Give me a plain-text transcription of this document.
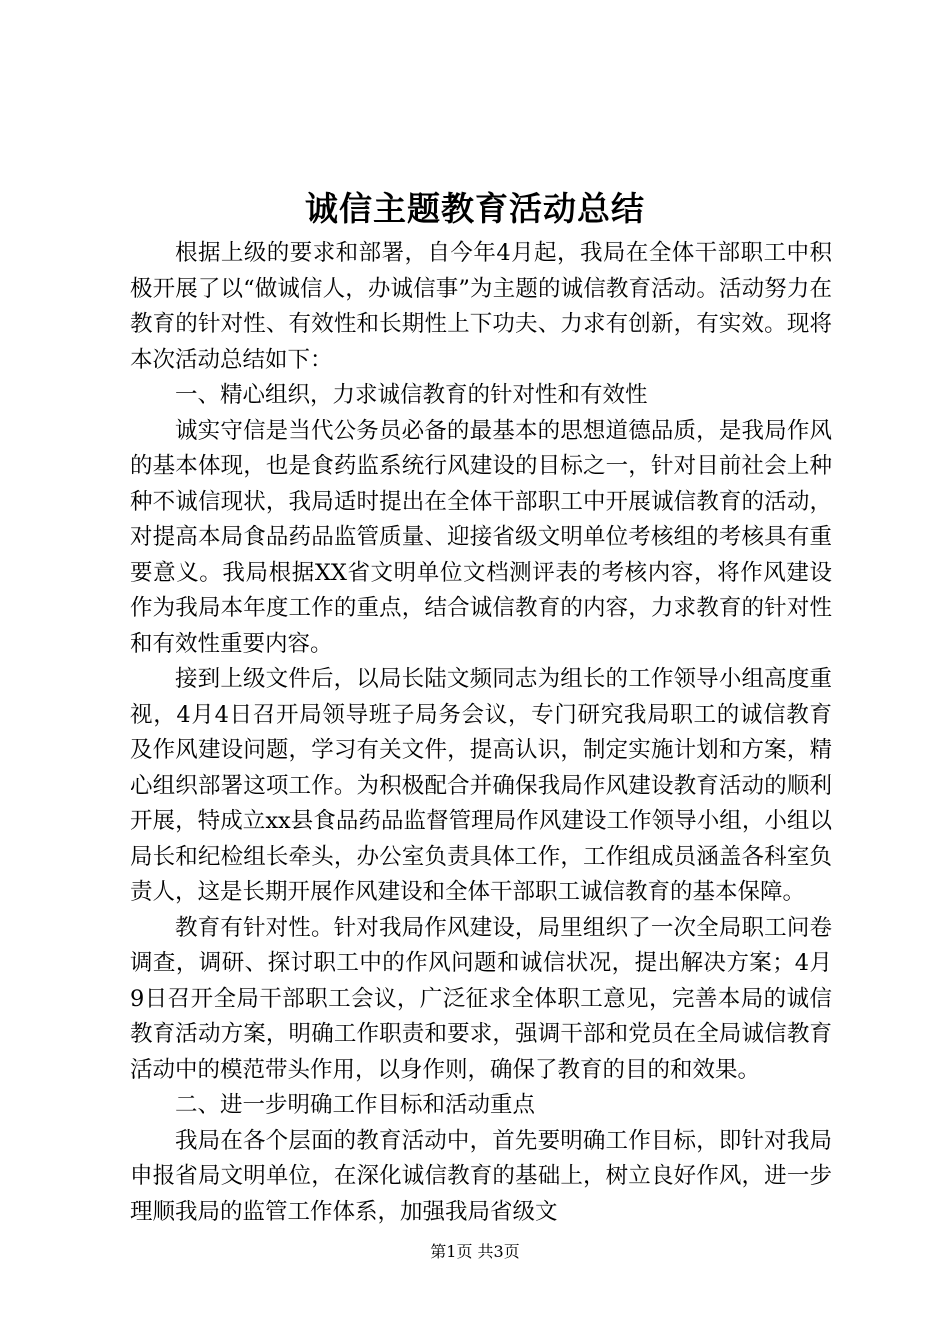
诚信主题教育活动总结

根据上级的要求和部署，自今年4月起，我局在全体干部职工中积极开展了以“做诚信人，办诚信事”为主题的诚信教育活动。活动努力在教育的针对性、有效性和长期性上下功夫、力求有创新，有实效。现将本次活动总结如下：

一、精心组织，力求诚信教育的针对性和有效性

诚实守信是当代公务员必备的最基本的思想道德品质，是我局作风的基本体现，也是食药监系统行风建设的目标之一，针对目前社会上种种不诚信现状，我局适时提出在全体干部职工中开展诚信教育的活动，对提高本局食品药品监管质量、迎接省级文明单位考核组的考核具有重要意义。我局根据XX省文明单位文档测评表的考核内容，将作风建设作为我局本年度工作的重点，结合诚信教育的内容，力求教育的针对性和有效性重要内容。

接到上级文件后，以局长陆文频同志为组长的工作领导小组高度重视，4月4日召开局领导班子局务会议，专门研究我局职工的诚信教育及作风建设问题，学习有关文件，提高认识，制定实施计划和方案，精心组织部署这项工作。为积极配合并确保我局作风建设教育活动的顺利开展，特成立xx县食品药品监督管理局作风建设工作领导小组，小组以局长和纪检组长牵头，办公室负责具体工作，工作组成员涵盖各科室负责人，这是长期开展作风建设和全体干部职工诚信教育的基本保障。

教育有针对性。针对我局作风建设，局里组织了一次全局职工问卷调查，调研、探讨职工中的作风问题和诚信状况，提出解决方案；4月9日召开全局干部职工会议，广泛征求全体职工意见，完善本局的诚信教育活动方案，明确工作职责和要求，强调干部和党员在全局诚信教育活动中的模范带头作用，以身作则，确保了教育的目的和效果。

二、进一步明确工作目标和活动重点

我局在各个层面的教育活动中，首先要明确工作目标，即针对我局申报省局文明单位，在深化诚信教育的基础上，树立良好作风，进一步理顺我局的监管工作体系，加强我局省级文

第1页 共3页
